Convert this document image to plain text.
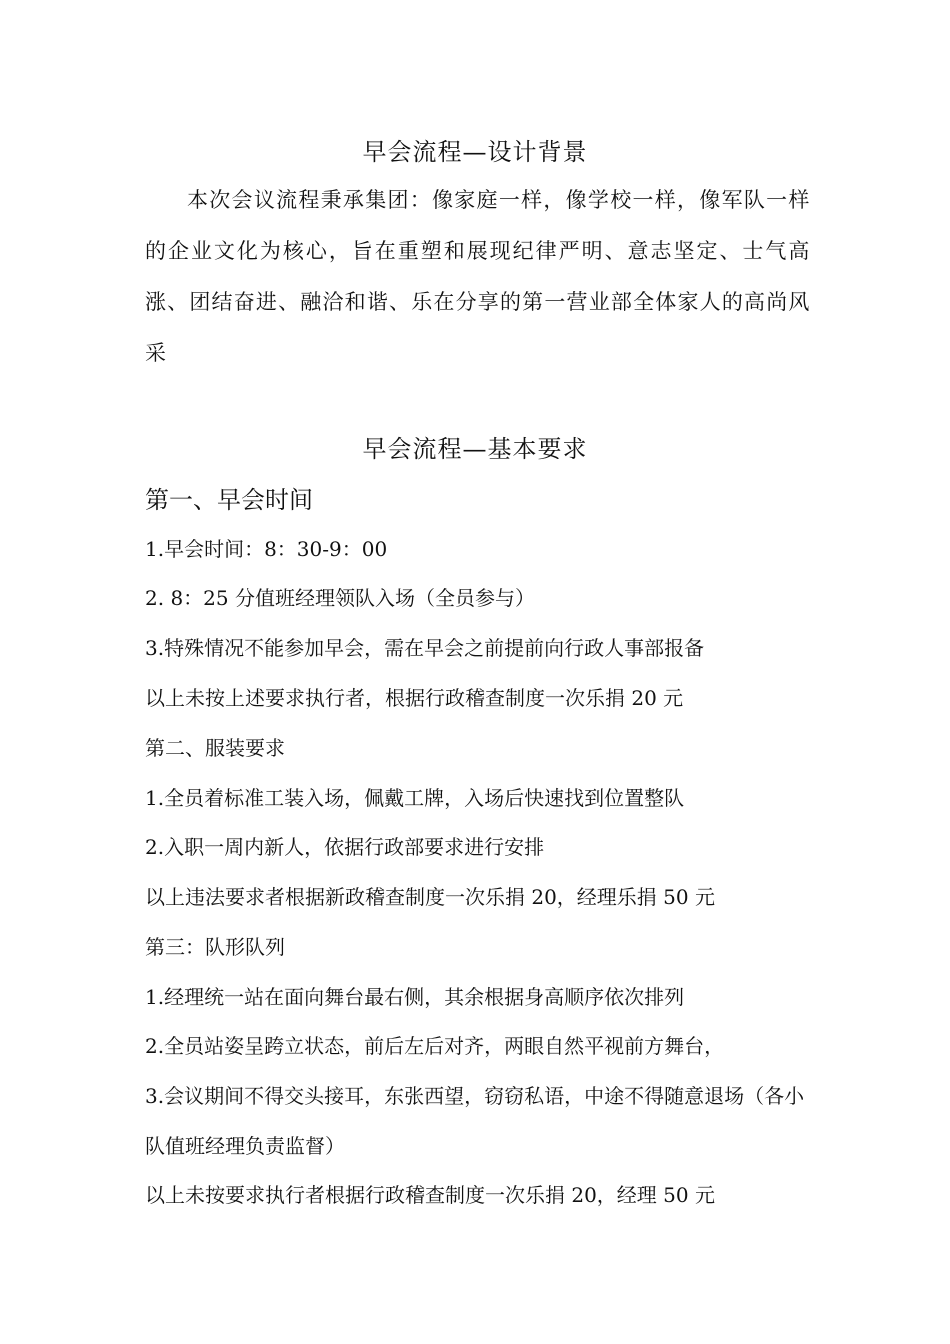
早会流程—设计背景
本次会议流程秉承集团：像家庭一样，像学校一样，像军队一样的企业文化为核心，旨在重塑和展现纪律严明、意志坚定、士气高涨、团结奋进、融洽和谐、乐在分享的第一营业部全体家人的高尚风采
早会流程—基本要求
第一、早会时间
1.早会时间：8：30-9：00
2. 8：25 分值班经理领队入场（全员参与）
3.特殊情况不能参加早会，需在早会之前提前向行政人事部报备
以上未按上述要求执行者，根据行政稽查制度一次乐捐 20 元
第二、服装要求
1.全员着标准工装入场，佩戴工牌，入场后快速找到位置整队
2.入职一周内新人，依据行政部要求进行安排
以上违法要求者根据新政稽查制度一次乐捐 20，经理乐捐 50 元
第三：队形队列
1.经理统一站在面向舞台最右侧，其余根据身高顺序依次排列
2.全员站姿呈跨立状态，前后左后对齐，两眼自然平视前方舞台，
3.会议期间不得交头接耳，东张西望，窃窃私语，中途不得随意退场（各小队值班经理负责监督）
以上未按要求执行者根据行政稽查制度一次乐捐 20，经理 50 元
